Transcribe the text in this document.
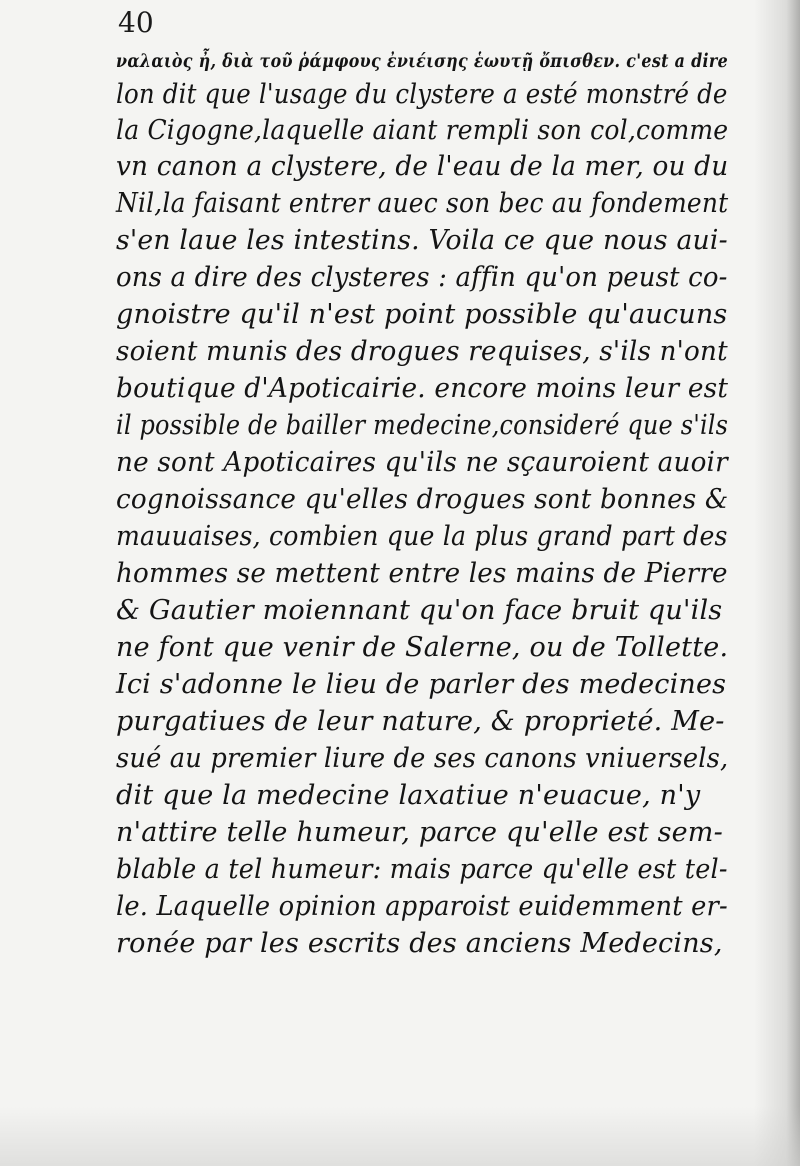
40
ναλαιὸς ἦ, διὰ τοῦ ῥάμφους ἐνιέισης ἑωυτῇ ὄπισθεν. c'est a dire
lon dit que l'usage du clystere a esté monstré de
la Cigogne,laquelle aiant rempli son col,comme
vn canon a clystere, de l'eau de la mer, ou du
Nil,la faisant entrer auec son bec au fondement
s'en laue les intestins. Voila ce que nous aui-
ons a dire des clysteres : affin qu'on peust co-
gnoistre qu'il n'est point possible qu'aucuns
soient munis des drogues requises, s'ils n'ont
boutique d'Apoticairie. encore moins leur est
il possible de bailler medecine,consideré que s'ils
ne sont Apoticaires qu'ils ne sçauroient auoir
cognoissance qu'elles drogues sont bonnes &
mauuaises, combien que la plus grand part des
hommes se mettent entre les mains de Pierre
& Gautier moiennant qu'on face bruit qu'ils
ne font que venir de Salerne, ou de Tollette.
Ici s'adonne le lieu de parler des medecines
purgatiues de leur nature, & proprieté. Me-
sué au premier liure de ses canons vniuersels,
dit que la medecine laxatiue n'euacue, n'y
n'attire telle humeur, parce qu'elle est sem-
blable a tel humeur: mais parce qu'elle est tel-
le. Laquelle opinion apparoist euidemment er-
ronée par les escrits des anciens Medecins,
